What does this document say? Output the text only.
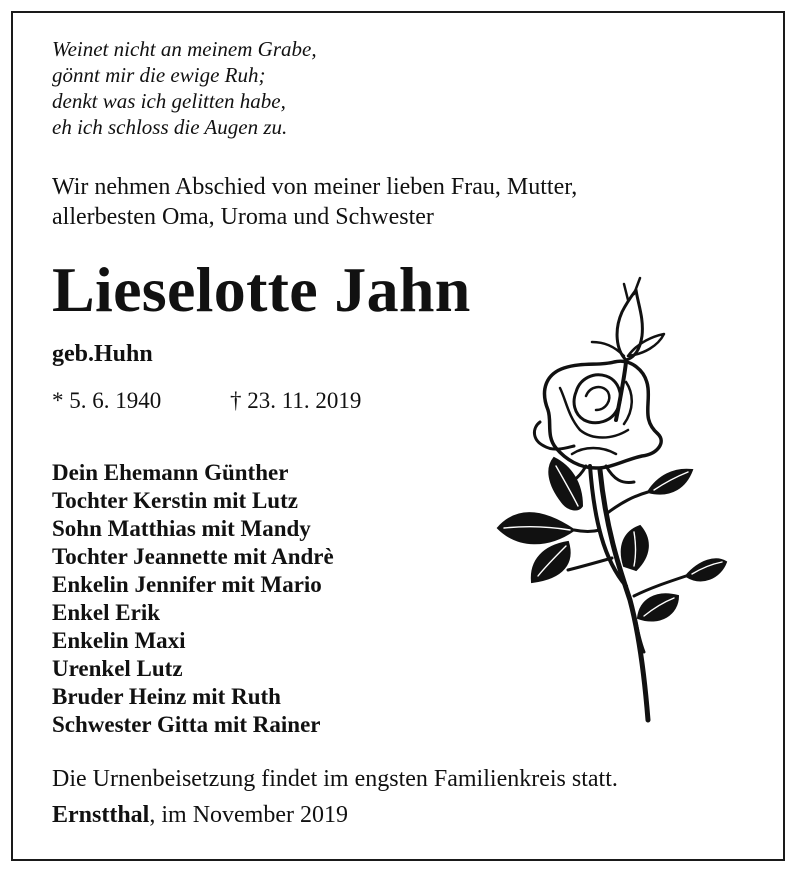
Weinet nicht an meinem Grabe,
gönnt mir die ewige Ruh;
denkt was ich gelitten habe,
eh ich schloss die Augen zu.
Wir nehmen Abschied von meiner lieben Frau, Mutter,
allerbesten Oma, Uroma und Schwester
Lieselotte Jahn
geb.Huhn
* 5. 6. 1940	† 23. 11. 2019
Dein Ehemann Günther
Tochter Kerstin mit Lutz
Sohn Matthias mit Mandy
Tochter Jeannette mit Andrè
Enkelin Jennifer mit Mario
Enkel Erik
Enkelin Maxi
Urenkel Lutz
Bruder Heinz mit Ruth
Schwester Gitta mit Rainer
Die Urnenbeisetzung findet im engsten Familienkreis statt.
Ernstthal, im November 2019
